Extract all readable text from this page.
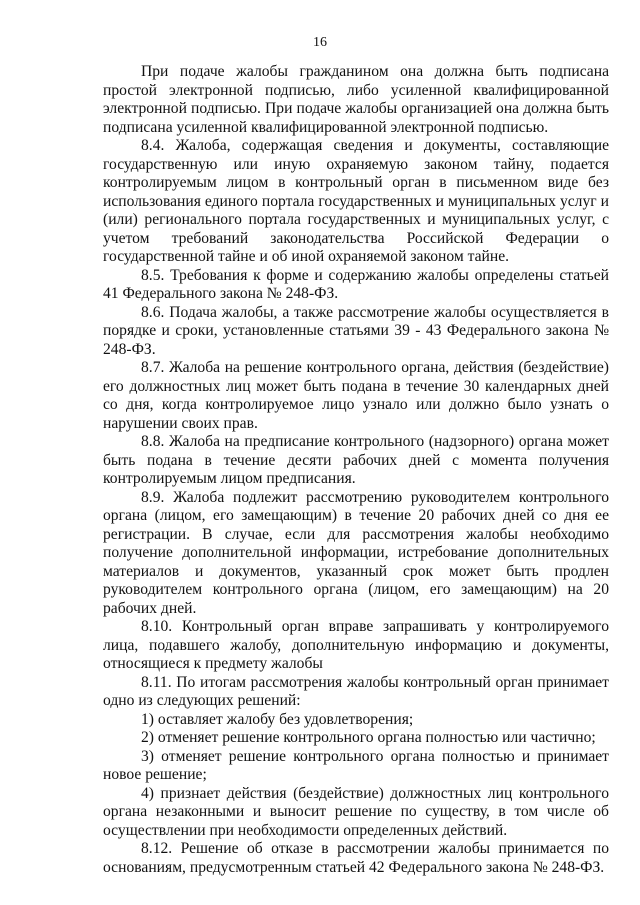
16

При подаче жалобы гражданином она должна быть подписана простой электронной подписью, либо усиленной квалифицированной электронной подписью. При подаче жалобы организацией она должна быть подписана усиленной квалифицированной электронной подписью.

8.4. Жалоба, содержащая сведения и документы, составляющие государственную или иную охраняемую законом тайну, подается контролируемым лицом в контрольный орган в письменном виде без использования единого портала государственных и муниципальных услуг и (или) регионального портала государственных и муниципальных услуг, с учетом требований законодательства Российской Федерации о государственной тайне и об иной охраняемой законом тайне.

8.5. Требования к форме и содержанию жалобы определены статьей 41 Федерального закона № 248-ФЗ.

8.6. Подача жалобы, а также рассмотрение жалобы осуществляется в порядке и сроки, установленные статьями 39 - 43 Федерального закона № 248-ФЗ.

8.7. Жалоба на решение контрольного органа, действия (бездействие) его должностных лиц может быть подана в течение 30 календарных дней со дня, когда контролируемое лицо узнало или должно было узнать о нарушении своих прав.

8.8. Жалоба на предписание контрольного (надзорного) органа может быть подана в течение десяти рабочих дней с момента получения контролируемым лицом предписания.

8.9. Жалоба подлежит рассмотрению руководителем контрольного органа (лицом, его замещающим) в течение 20 рабочих дней со дня ее регистрации. В случае, если для рассмотрения жалобы необходимо получение дополнительной информации, истребование дополнительных материалов и документов, указанный срок может быть продлен руководителем контрольного органа (лицом, его замещающим) на 20 рабочих дней.

8.10. Контрольный орган вправе запрашивать у контролируемого лица, подавшего жалобу, дополнительную информацию и документы, относящиеся к предмету жалобы

8.11. По итогам рассмотрения жалобы контрольный орган принимает одно из следующих решений:

1) оставляет жалобу без удовлетворения;

2) отменяет решение контрольного органа полностью или частично;

3) отменяет решение контрольного органа полностью и принимает новое решение;

4) признает действия (бездействие) должностных лиц контрольного органа незаконными и выносит решение по существу, в том числе об осуществлении при необходимости определенных действий.

8.12. Решение об отказе в рассмотрении жалобы принимается по основаниям, предусмотренным статьей 42 Федерального закона № 248-ФЗ.
